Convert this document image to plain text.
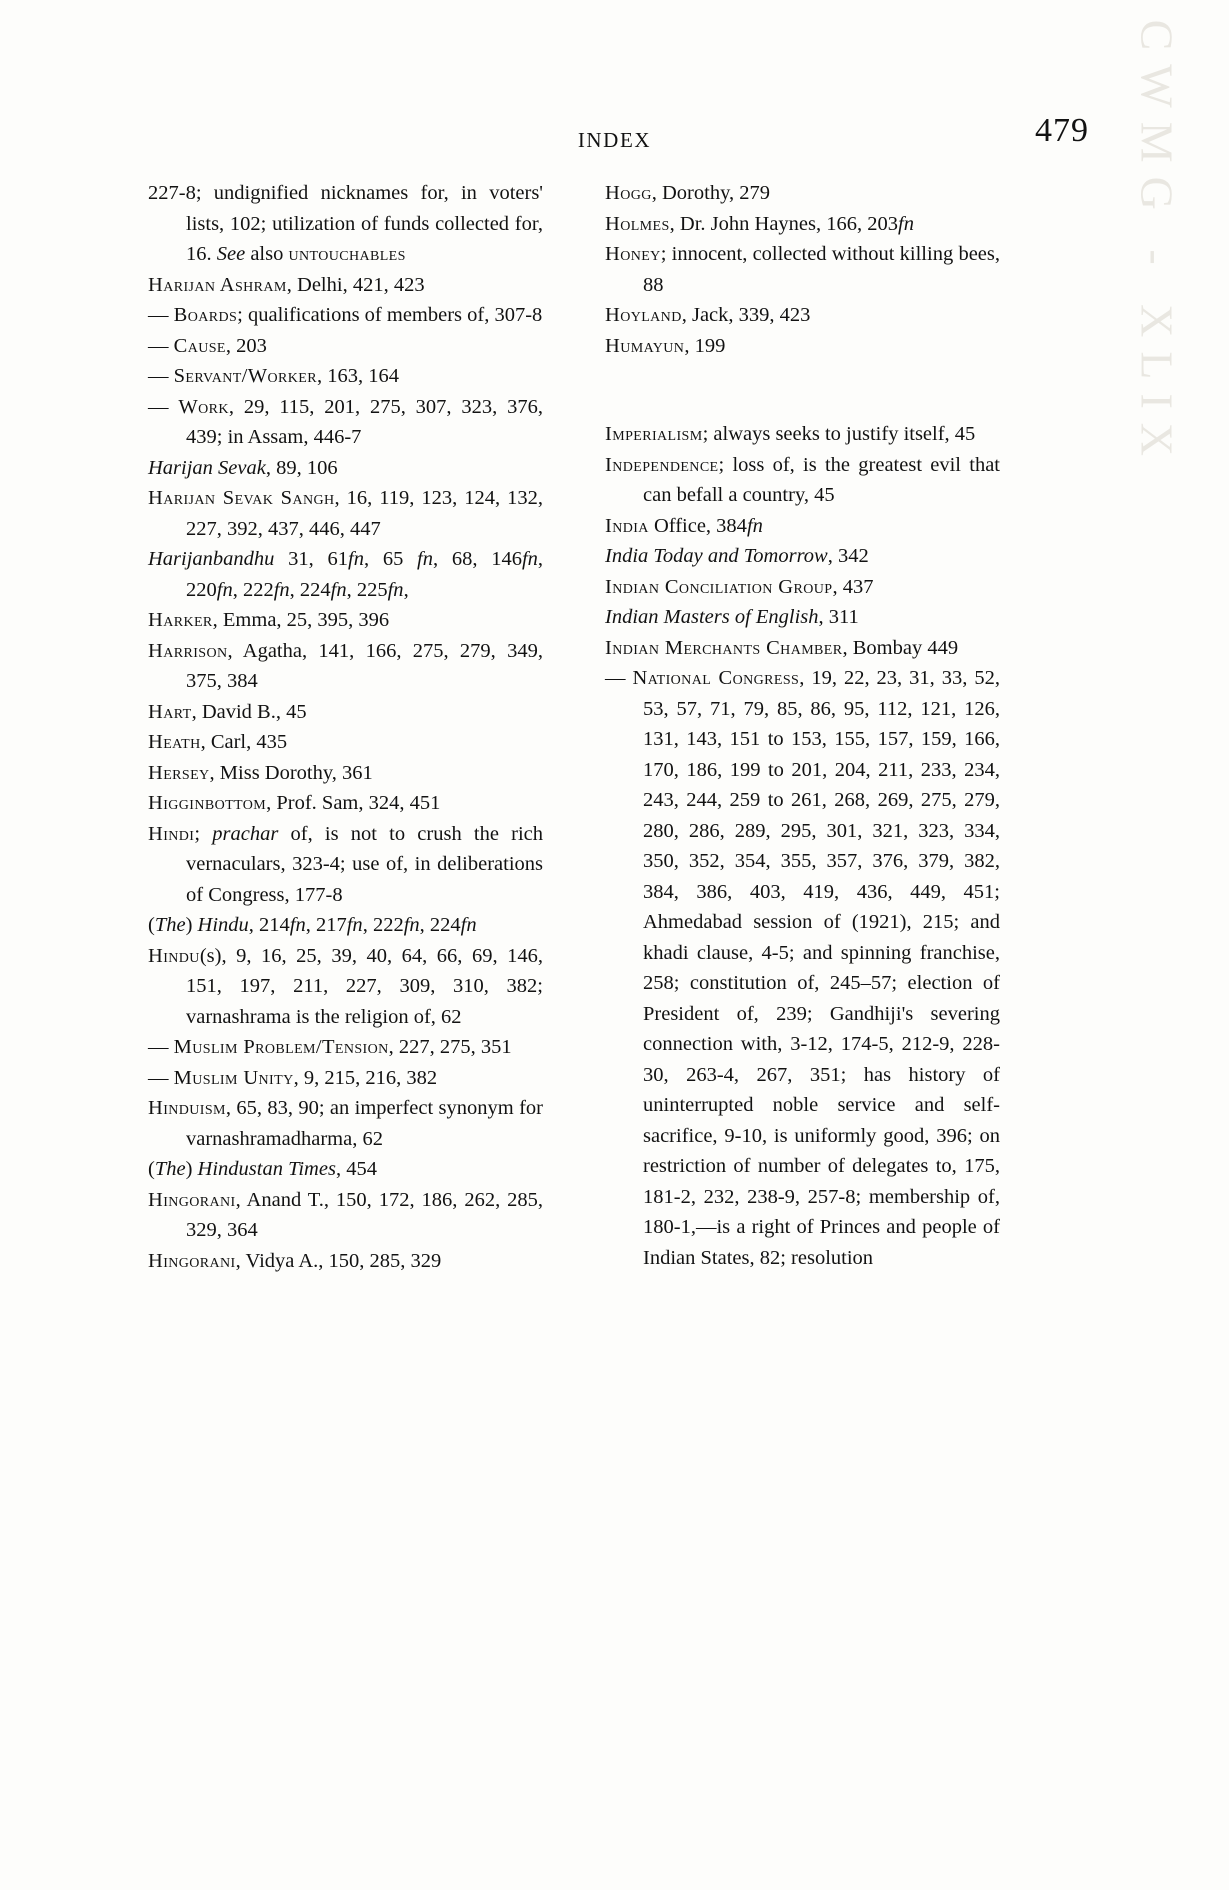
CWMG - XLIX
INDEX	479

227-8; undignified nicknames for, in voters' lists, 102; utilization of funds collected for, 16. See also untouchables

Harijan Ashram, Delhi, 421, 423

— Boards; qualifications of members of, 307-8

— Cause, 203

— Servant/Worker, 163, 164

— Work, 29, 115, 201, 275, 307, 323, 376, 439; in Assam, 446-7

Harijan Sevak, 89, 106

Harijan Sevak Sangh, 16, 119, 123, 124, 132, 227, 392, 437, 446, 447

Harijanbandhu 31, 61fn, 65 fn, 68, 146fn, 220fn, 222fn, 224fn, 225fn,

Harker, Emma, 25, 395, 396

Harrison, Agatha, 141, 166, 275, 279, 349, 375, 384

Hart, David B., 45

Heath, Carl, 435

Hersey, Miss Dorothy, 361

Higginbottom, Prof. Sam, 324, 451

Hindi; prachar of, is not to crush the rich vernaculars, 323-4; use of, in deliberations of Congress, 177-8

(The) Hindu, 214fn, 217fn, 222fn, 224fn

Hindu(s), 9, 16, 25, 39, 40, 64, 66, 69, 146, 151, 197, 211, 227, 309, 310, 382; varnashrama is the religion of, 62

— Muslim Problem/Tension, 227, 275, 351

— Muslim Unity, 9, 215, 216, 382

Hinduism, 65, 83, 90; an imperfect synonym for varnashramadharma, 62

(The) Hindustan Times, 454

Hingorani, Anand T., 150, 172, 186, 262, 285, 329, 364

Hingorani, Vidya A., 150, 285, 329

Hogg, Dorothy, 279

Holmes, Dr. John Haynes, 166, 203fn

Honey; innocent, collected without killing bees, 88

Hoyland, Jack, 339, 423

Humayun, 199

Imperialism; always seeks to justify itself, 45

Independence; loss of, is the greatest evil that can befall a country, 45

India Office, 384fn

India Today and Tomorrow, 342

Indian Conciliation Group, 437

Indian Masters of English, 311

Indian Merchants Chamber, Bombay 449

— National Congress, 19, 22, 23, 31, 33, 52, 53, 57, 71, 79, 85, 86, 95, 112, 121, 126, 131, 143, 151 to 153, 155, 157, 159, 166, 170, 186, 199 to 201, 204, 211, 233, 234, 243, 244, 259 to 261, 268, 269, 275, 279, 280, 286, 289, 295, 301, 321, 323, 334, 350, 352, 354, 355, 357, 376, 379, 382, 384, 386, 403, 419, 436, 449, 451; Ahmedabad session of (1921), 215; and khadi clause, 4-5; and spinning franchise, 258; constitution of, 245–57; election of President of, 239; Gandhiji's severing connection with, 3-12, 174-5, 212-9, 228-30, 263-4, 267, 351; has history of uninterrupted noble service and self-sacrifice, 9-10, is uniformly good, 396; on restriction of number of delegates to, 175, 181-2, 232, 238-9, 257-8; membership of, 180-1,—is a right of Princes and people of Indian States, 82; resolution
